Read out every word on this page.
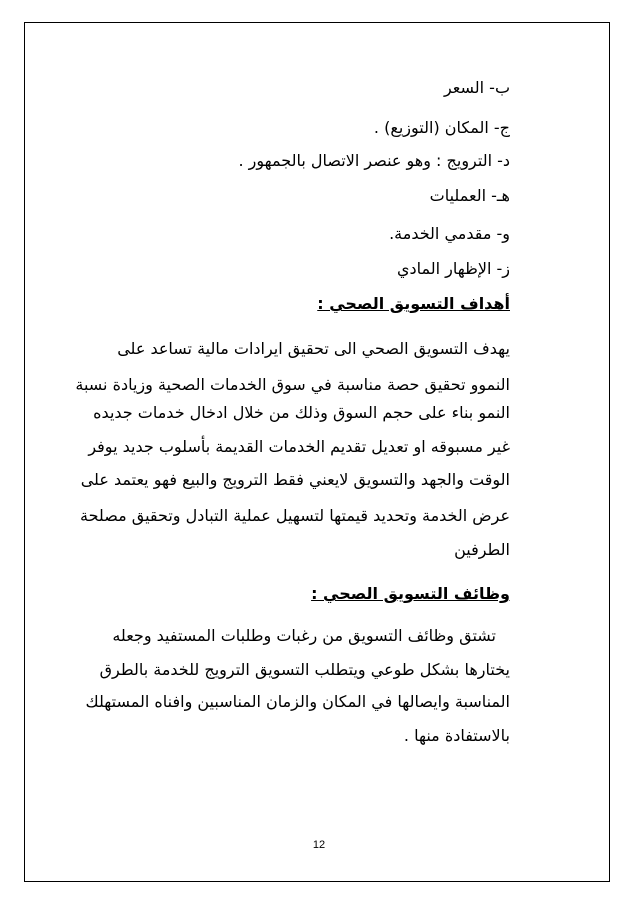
ب- السعر
ج- المكان (التوزيع) .
د- الترويج : وهو عنصر الاتصال بالجمهور .
هـ- العمليات
و- مقدمي الخدمة.
ز- الإظهار المادي
أهداف التسويق الصحي :
يهدف التسويق الصحي الى تحقيق ايرادات مالية تساعد على
النموو تحقيق حصة مناسبة في سوق الخدمات الصحية وزيادة نسبة
النمو بناء على حجم السوق وذلك من خلال ادخال خدمات جديده
غير مسبوقه او تعديل تقديم الخدمات القديمة بأسلوب جديد يوفر
الوقت والجهد والتسويق لايعني فقط الترويج والبيع فهو يعتمد على
عرض الخدمة وتحديد قيمتها لتسهيل عملية التبادل وتحقيق مصلحة
الطرفين
وظائف التسويق الصحي :
تشتق وظائف التسويق من رغبات وطلبات المستفيد وجعله
يختارها بشكل طوعي ويتطلب التسويق الترويج للخدمة بالطرق
المناسبة وايصالها في المكان والزمان المناسبين وافناه المستهلك
بالاستفادة منها .
12
